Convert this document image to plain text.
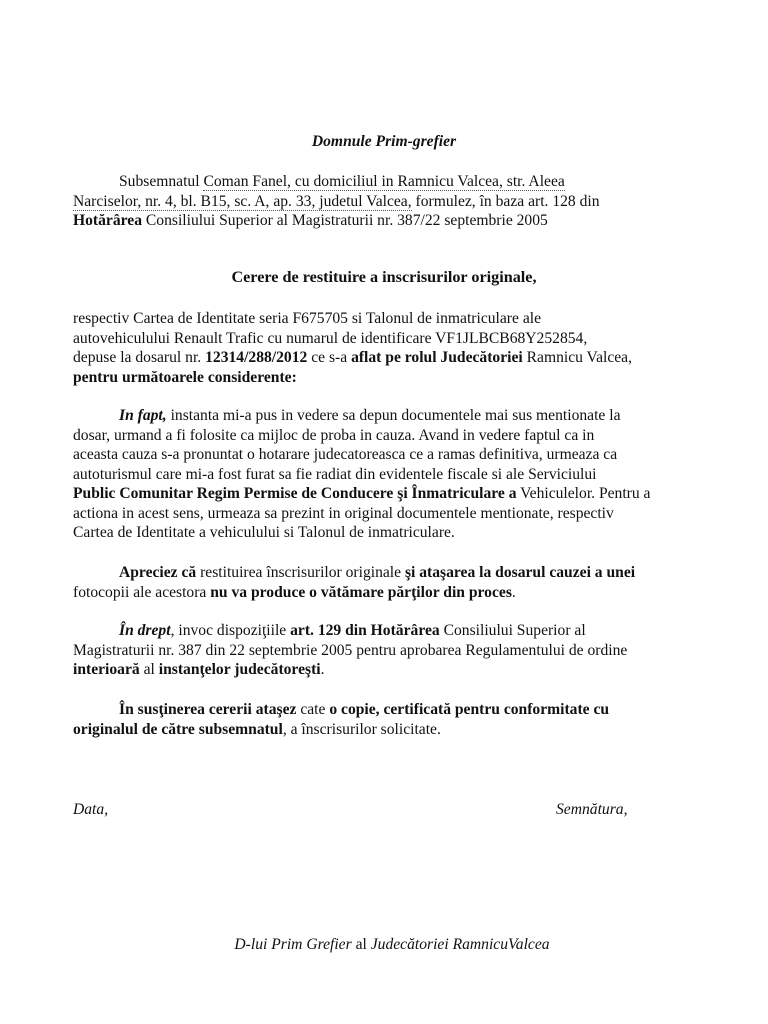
Domnule Prim-grefier

Subsemnatul Coman Fanel, cu domiciliul in Ramnicu Valcea, str. Aleea
Narciselor, nr. 4, bl. B15, sc. A, ap. 33, judetul Valcea, formulez, în baza art. 128 din
Hotărârea Consiliului Superior al Magistraturii nr. 387/22 septembrie 2005

Cerere de restituire a inscrisurilor originale,

respectiv Cartea de Identitate seria F675705 si Talonul de inmatriculare ale
autovehiculului Renault Trafic cu numarul de identificare VF1JLBCB68Y252854,
depuse la dosarul nr. 12314/288/2012 ce s-a aflat pe rolul Judecătoriei Ramnicu Valcea,
pentru următoarele considerente:
In fapt, instanta mi-a pus in vedere sa depun documentele mai sus mentionate la
dosar, urmand a fi folosite ca mijloc de proba in cauza. Avand in vedere faptul ca in
aceasta cauza s-a pronuntat o hotarare judecatoreasca ce a ramas definitiva, urmeaza ca
autoturismul care mi-a fost furat sa fie radiat din evidentele fiscale si ale Serviciului
Public Comunitar Regim Permise de Conducere şi Înmatriculare a Vehiculelor. Pentru a
actiona in acest sens, urmeaza sa prezint in original documentele mentionate, respectiv
Cartea de Identitate a vehiculului si Talonul de inmatriculare.
Apreciez că restituirea înscrisurilor originale şi ataşarea la dosarul cauzei a unei
fotocopii ale acestora nu va produce o vătămare părţilor din proces.
În drept, invoc dispoziţiile art. 129 din Hotărârea Consiliului Superior al
Magistraturii nr. 387 din 22 septembrie 2005 pentru aprobarea Regulamentului de ordine
interioară al instanţelor judecătoreşti.
În susţinerea cererii ataşez cate o copie, certificată pentru conformitate cu
originalul de către subsemnatul, a înscrisurilor solicitate.

Data,	Semnătura,

D-lui Prim Grefier al Judecătoriei RamnicuValcea
